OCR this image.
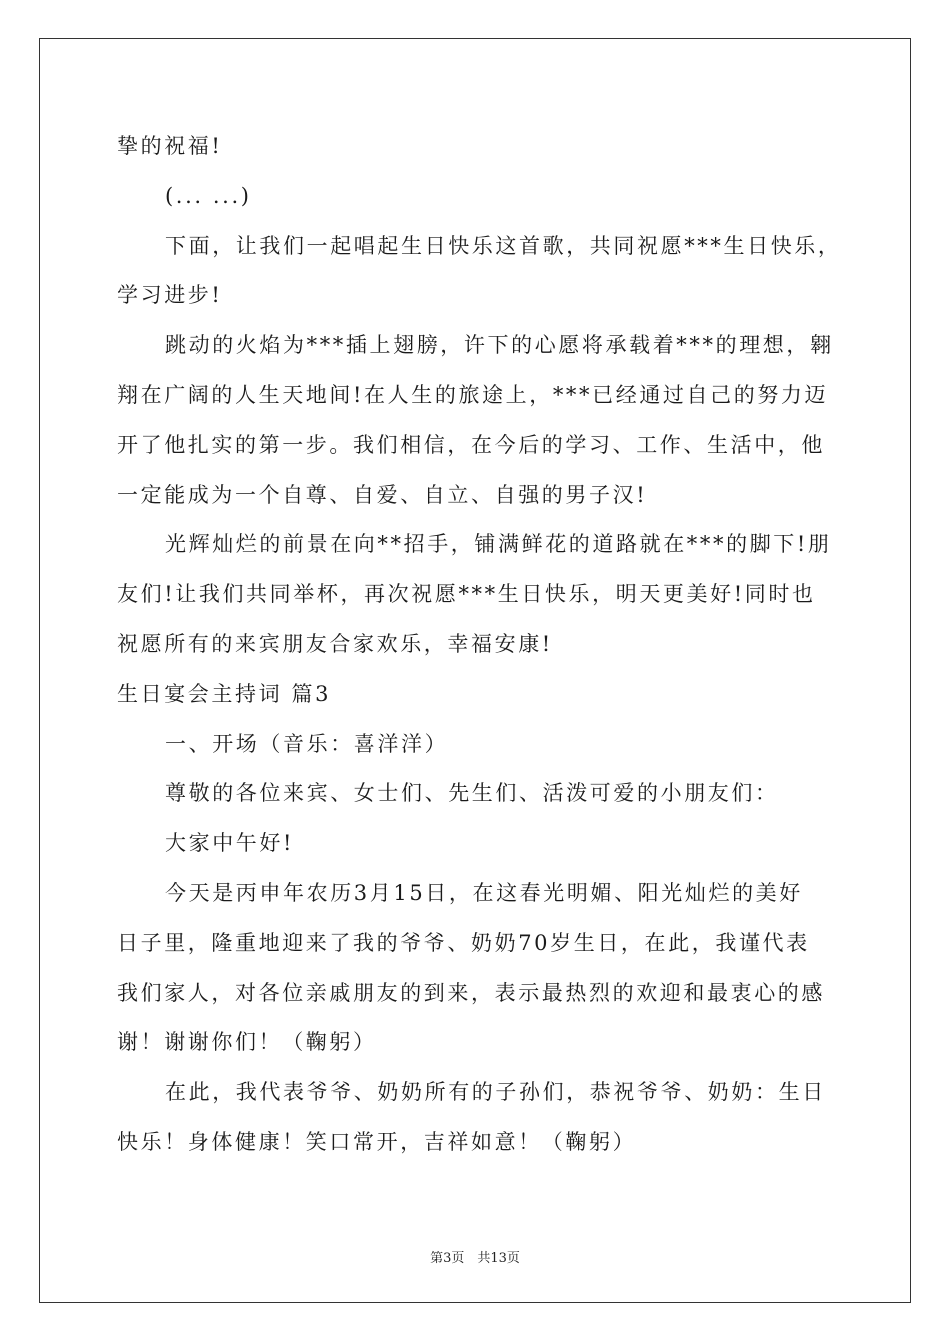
挚的祝福!
(... ...)
下面，让我们一起唱起生日快乐这首歌，共同祝愿***生日快乐，
学习进步!
跳动的火焰为***插上翅膀，许下的心愿将承载着***的理想，翱
翔在广阔的人生天地间!在人生的旅途上，***已经通过自己的努力迈
开了他扎实的第一步。我们相信，在今后的学习、工作、生活中，他
一定能成为一个自尊、自爱、自立、自强的男子汉!
光辉灿烂的前景在向**招手，铺满鲜花的道路就在***的脚下!朋
友们!让我们共同举杯，再次祝愿***生日快乐，明天更美好!同时也
祝愿所有的来宾朋友合家欢乐，幸福安康!
生日宴会主持词 篇3
一、开场（音乐：喜洋洋）
尊敬的各位来宾、女士们、先生们、活泼可爱的小朋友们：
大家中午好!
今天是丙申年农历3月15日，在这春光明媚、阳光灿烂的美好
日子里，隆重地迎来了我的爷爷、奶奶70岁生日，在此，我谨代表
我们家人，对各位亲戚朋友的到来，表示最热烈的欢迎和最衷心的感
谢！谢谢你们！（鞠躬）
在此，我代表爷爷、奶奶所有的子孙们，恭祝爷爷、奶奶：生日
快乐！身体健康！笑口常开，吉祥如意！（鞠躬）
第3页　共13页
